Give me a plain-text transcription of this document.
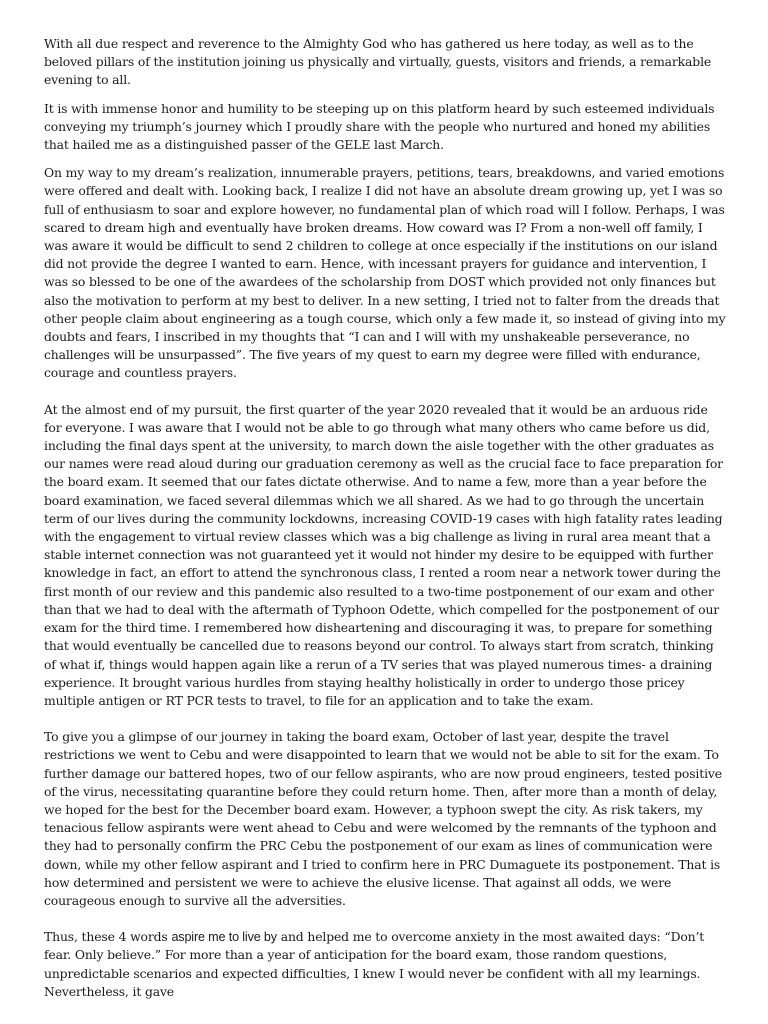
With all due respect and reverence to the Almighty God who has gathered us here today, as well as to the beloved pillars of the institution joining us physically and virtually, guests, visitors and friends, a remarkable evening to all.

It is with immense honor and humility to be steeping up on this platform heard by such esteemed individuals conveying my triumph’s journey which I proudly share with the people who nurtured and honed my abilities that hailed me as a distinguished passer of the GELE last March.

On my way to my dream’s realization, innumerable prayers, petitions, tears, breakdowns, and varied emotions were offered and dealt with. Looking back, I realize I did not have an absolute dream growing up, yet I was so full of enthusiasm to soar and explore however, no fundamental plan of which road will I follow. Perhaps, I was scared to dream high and eventually have broken dreams. How coward was I? From a non-well off family, I was aware it would be difficult to send 2 children to college at once especially if the institutions on our island did not provide the degree I wanted to earn. Hence, with incessant prayers for guidance and intervention, I was so blessed to be one of the awardees of the scholarship from DOST which provided not only finances but also the motivation to perform at my best to deliver. In a new setting, I tried not to falter from the dreads that other people claim about engineering as a tough course, which only a few made it, so instead of giving into my doubts and fears, I inscribed in my thoughts that “I can and I will with my unshakeable perseverance, no challenges will be unsurpassed”. The five years of my quest to earn my degree were filled with endurance, courage and countless prayers.

At the almost end of my pursuit, the first quarter of the year 2020 revealed that it would be an arduous ride for everyone. I was aware that I would not be able to go through what many others who came before us did, including the final days spent at the university, to march down the aisle together with the other graduates as our names were read aloud during our graduation ceremony as well as the crucial face to face preparation for the board exam. It seemed that our fates dictate otherwise. And to name a few, more than a year before the board examination, we faced several dilemmas which we all shared. As we had to go through the uncertain term of our lives during the community lockdowns, increasing COVID-19 cases with high fatality rates leading with the engagement to virtual review classes which was a big challenge as living in rural area meant that a stable internet connection was not guaranteed yet it would not hinder my desire to be equipped with further knowledge in fact, an effort to attend the synchronous class, I rented a room near a network tower during the first month of our review and this pandemic also resulted to a two-time postponement of our exam and other than that we had to deal with the aftermath of Typhoon Odette, which compelled for the postponement of our exam for the third time. I remembered how disheartening and discouraging it was, to prepare for something that would eventually be cancelled due to reasons beyond our control. To always start from scratch, thinking of what if, things would happen again like a rerun of a TV series that was played numerous times- a draining experience. It brought various hurdles from staying healthy holistically in order to undergo those pricey multiple antigen or RT PCR tests to travel, to file for an application and to take the exam.

To give you a glimpse of our journey in taking the board exam, October of last year, despite the travel restrictions we went to Cebu and were disappointed to learn that we would not be able to sit for the exam. To further damage our battered hopes, two of our fellow aspirants, who are now proud engineers, tested positive of the virus, necessitating quarantine before they could return home. Then, after more than a month of delay, we hoped for the best for the December board exam. However, a typhoon swept the city. As risk takers, my tenacious fellow aspirants were went ahead to Cebu and were welcomed by the remnants of the typhoon and they had to personally confirm the PRC Cebu the postponement of our exam as lines of communication were down, while my other fellow aspirant and I tried to confirm here in PRC Dumaguete its postponement. That is how determined and persistent we were to achieve the elusive license. That against all odds, we were courageous enough to survive all the adversities.

Thus, these 4 words aspire me to live by and helped me to overcome anxiety in the most awaited days: “Don’t fear. Only believe.” For more than a year of anticipation for the board exam, those random questions, unpredictable scenarios and expected difficulties, I knew I would never be confident with all my learnings. Nevertheless, it gave
